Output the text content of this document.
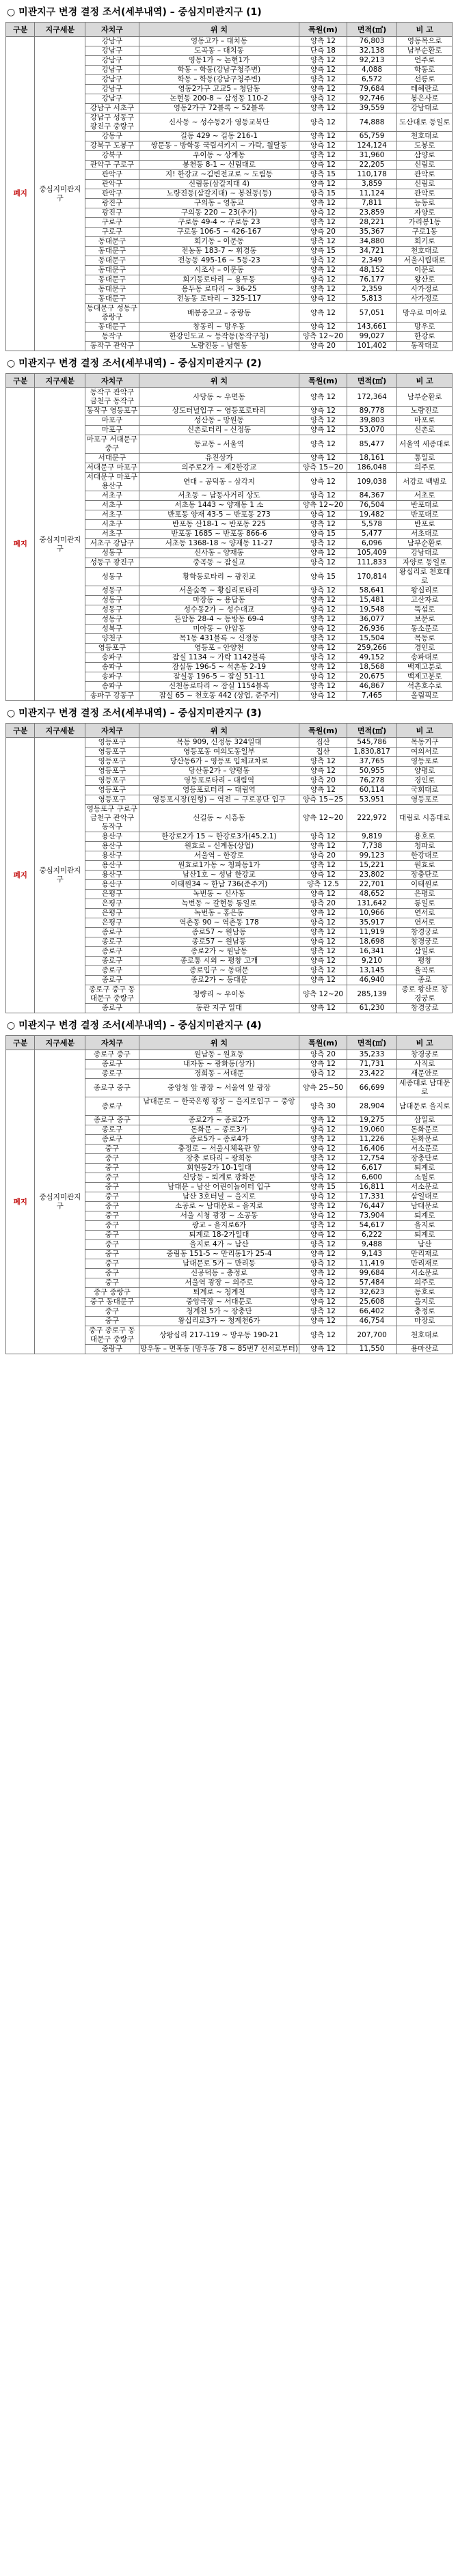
○ 미관지구 변경 결정 조서(세부내역) – 중심지미관지구 (1)
구분	지구세분	자치구	위 치	폭원(m)	면적(㎡)	비 고
폐지	중심지미관지구	강남구	영동고가 – 대치동	양측 12	76,803	영동목으로
		강남구	도곡동 – 대치동	단측 18	32,138	남부순환로
		강남구	영동1가 ~ 논현1가	양측 12	92,213	언주로
		강남구	학동 – 학동(강남구청주변)	양측 12	4,088	학동로
		강남구	학동 – 학동(강남구청주변)	양측 12	6,572	선릉로
		강남구	영동2가구 고교5 – 청담동	양측 12	79,684	테헤란로
		강남구	논현동 200-8 ~ 삼성동 110-2	양측 12	92,746	봉은사로
		강남구 서초구	영동2가구 72블록 ~ 52블록	양측 12	39,559	강남대로
		강남구 성동구 광진구 중랑구	신사동 ~ 성수동2가 영동교북단	양측 12	74,888	도산대로 동일로
		강동구	길동 429 ~ 길동 216-1	양측 12	65,759	천호대로
		강북구 도봉구	쌍문동 – 방학동 국립셔키지 ~ 가락, 월달동	양측 12	124,124	도봉로
		강북구	우이동 ~ 상계동	양측 12	31,960	삼양로
		관악구 구로구	봉천동 8-1 ~ 신림대로	양측 12	22,205	신림로
		관악구	지! 한강교 ~김변전교로 ~ 도림동	양측 15	110,178	관악로
		관악구	신림동(삼갈지대 4)	양측 12	3,859	신림로
		관악구	노량진동(삼갈지대) ~ 봉천동(등)	양측 15	11,124	관악로
		광진구	구의동 – 영동교	양측 12	7,811	능동로
		광진구	구의동 220 ~ 23(추가)	양측 12	23,859	자양로
		구로구	구로동 49-4 ~ 구로동 23	양측 12	28,221	가리봉1동
		구로구	구로동 106-5 ~ 426-167	양측 20	35,367	구로1동
		동대문구	회기동 – 이문동	양측 12	34,880	회기로
		동대문구	전농동 183-7 ~ 휘경동	양측 15	34,721	천호대로
		동대문구	전농동 495-16 ~ 5동-23	양측 12	2,349	서울시립대로
		동대문구	시조사 – 이문동	양측 12	48,152	이문로
		동대문구	회기동로타리 ~ 용두동	양측 12	76,177	왕산로
		동대문구	용두동 로타리 ~ 36-25	양측 12	2,359	사가정로
		동대문구	전농동 로타리 ~ 325-117	양측 12	5,813	사가정로
		동대문구 성동구 중랑구	배봉중고교 – 중랑동	양측 12	57,051	망우로 미아로
		동대문구	창동리 ~ 망우동	양측 12	143,661	망우로
		동작구	한강인도교 ~ 등작동(동작구청)	양측 12~20	99,027	한강로
		동작구 관악구	노량진동 – 남현동	양측 20	101,402	동작대로
○ 미관지구 변경 결정 조서(세부내역) – 중심지미관지구 (2)
구분	지구세분	자치구	위 치	폭원(m)	면적(㎡)	비 고
폐지	중심지미관지구	동작구 관악구 금천구 동작구	사당동 ~ 우면동	양측 12	172,364	남부순환로
		동작구 영등포구	상도터널입구 ~ 영등포로타리	양측 12	89,778	노량진로
		마포구	성산동 – 망원동	양측 12	39,803	마포로
		마포구	신촌로터리 – 신정동	양측 12	53,070	신촌로
		마포구 서대문구 중구	동교동 – 서울역	양측 12	85,477	서울역 세종대로
		서대문구	유진상가	양측 12	18,161	통일로
		서대문구 마포구	의주로2가 ~ 제2한강교	양측 15~20	186,048	의주로
		서대문구 마포구 용산구	연대 – 공덕동 – 삼각지	양측 12	109,038	서강로 백범로
		서초구	서초동 ~ 남동사거리 상도	양측 12	84,367	서초로
		서초구	서초동 1443 ~ 양재동 1 소	양측 12~20	76,504	반포대로
		서초구	반포동 양재 43-5 ~ 반포동 273	양측 12	19,482	반포대로
		서초구	반포동 산18-1 ~ 반포동 225	양측 12	5,578	반포로
		서초구	반포동 1685 ~ 반포동 866-6	양측 15	5,477	서초대로
		서초구 강남구	서초동 1368-18 ~ 양재동 11-27	양측 12	6,096	남부순환로
		성동구	신사동 – 양재동	양측 12	105,409	강남대로
		성동구 광진구	중곡동 ~ 잠실교	양측 12	111,833	자양로 동일로
		성동구	황학동로타리 ~ 광진교	양측 15	170,814	왕십리로 천호대로
		성동구	서울숲쪽 ~ 황십리로타리	양측 12	58,641	왕십리로
		성동구	마장동 ~ 용답동	양측 12	15,481	고산자로
		성동구	성수동2가 ~ 성수대교	양측 12	19,548	뚝섬로
		성동구	돈암동 28-4 ~ 동방동 69-4	양측 12	36,077	보문로
		성북구	미아동 ~ 안암동	양측 12	26,936	동소문로
		양천구	목1동 431블록 ~ 신정동	양측 12	15,504	목동로
		영등포구	영등포 – 안양천	양측 12	259,266	경인로
		송파구	잠실 1134 ~ 가락 1142블록	양측 12	49,152	송파대로
		송파구	잠실동 196-5 ~ 석촌동 2-19	양측 12	18,568	백제고분로
		송파구	잠실동 196-5 ~ 잠실 51-11	양측 12	20,675	백제고분로
		송파구	신천동로타리 ~ 잠실 1154블록	양측 12	46,867	석촌호수로
		송파구 강동구	잠실 65 ~ 천호동 442 (상업, 준주거)	양측 12	7,465	올림픽로
○ 미관지구 변경 결정 조서(세부내역) – 중심지미관지구 (3)
구분	지구세분	자치구	위 치	폭원(m)	면적(㎡)	비 고
폐지	중심지미관지구	영등포구	목동 909, 신정동 324일대	집산	545,786	목동거구
		영등포구	영등포동 여의도동일부	집산	1,830,817	여의서로
		영등포구	당산동6가 – 영등포 입체교차로	양측 12	37,765	영등포로
		영등포구	당산동2가 – 양평동	양측 12	50,955	양평로
		영등포구	영등포로타리 – 대림역	양측 20	76,278	경인로
		영등포구	영등포로터리 ~ 대림역	양측 12	60,114	국회대로
		영등포구	영등포시장(원형) ~ 역전 ~ 구로공단 입구	양측 15~25	53,951	영등포로
		영등포구 구로구 금천구 관악구 동작구	신길동 ~ 시흥동	양측 12~20	222,972	대림로 시흥대로
		용산구	한강로2가 15 ~ 한강로3가(45.2.1)	양측 12	9,819	용호로
		용산구	원효로 – 신계동(상업)	양측 12	7,738	청파로
		용산구	서울역 – 한강로	양측 20	99,123	한강대로
		용산구	원효로1가동 ~ 청파동1가	양측 12	15,221	원효로
		용산구	남산1호 ~ 성남 한강교	양측 12	23,802	장충단로
		용산구	이태원34 ~ 한남 736(준주거)	양측 12.5	22,701	이태원로
		은평구	녹번동 ~ 신사동	양측 12	48,652	은평로
		은평구	녹번동 ~ 갈현동 통일로	양측 20	131,642	통일로
		은평구	녹번동 – 홍은동	양측 12	10,966	연서로
		은평구	역촌동 90 ~ 역촌동 178	양측 12	35,917	연서로
		종로구	종로57 ~ 원남동	양측 12	11,919	창경궁로
		종로구	종로57 ~ 원남동	양측 12	18,698	창경궁로
		종로구	종로2가 ~ 원남동	양측 12	16,341	삼일로
		종로구	종로통 시외 ~ 평창 고개	양측 12	9,210	평창
		종로구	종로입구 ~ 동대문	양측 12	13,145	율곡로
		종로구	종로2가 ~ 동대문	양측 12	46,940	종로
		종로구 중구 동대문구 중랑구	청량리 ~ 우이동	양측 12~20	285,139	종로 왕산로 창경궁로
		종로구	동관 지구 일대	양측 12	61,230	창경궁로
○ 미관지구 변경 결정 조서(세부내역) – 중심지미관지구 (4)
구분	지구세분	자치구	위 치	폭원(m)	면적(㎡)	비 고
폐지	중심지미관지구	종로구 중구	원남동 – 원효동	양측 20	35,233	창경궁로
		종로구	내자동 ~ 광화동(상가)	양측 12	71,731	사직로
		종로구	경희동 – 서대문	양측 12	23,422	새문안로
		종로구 중구	중앙청 앞 광장 ~ 서울역 앞 광장	양측 25~50	66,699	세종대로 남대문로
		종로구	남대문로 ~ 한국은행 광장 ~ 을지로입구 ~ 중앙로	양측 30	28,904	남대문로 을지로
		종로구 중구	종로2가 ~ 종로2가	양측 12	19,275	삼일로
		종로구	돈화문 ~ 종로3가	양측 12	19,060	돈화문로
		종로구	종로5가 – 종로4가	양측 12	11,226	돈화문로
		중구	충정로 ~ 서울시체육관 앞	양측 12	16,406	서소문로
		중구	장충 로타리 – 광희동	양측 12	12,754	장충단로
		중구	회현동2가 10-1일대	양측 12	6,617	퇴계로
		중구	신당동 – 퇴계로 광화문	양측 12	6,600	소월로
		중구	남대문 – 남산 어린이놀이터 입구	양측 15	16,811	서소문로
		중구	남산 3호터널 ~ 을지로	양측 12	17,331	삼일대로
		중구	소공로 ~ 남대문로 – 을지로	양측 12	76,447	남대문로
		중구	서울 시청 광장 ~ 소공동	양측 12	73,904	퇴계로
		중구	광교 – 을지로6가	양측 12	54,617	을지로
		중구	퇴계로 18-2가일대	양측 12	6,222	퇴계로
		중구	을지로 4가 ~ 남산	양측 12	9,488	남산
		중구	중림동 151-5 ~ 만리동1가 25-4	양측 12	9,143	만리재로
		중구	남대문로 5가 ~ 만리동	양측 12	11,419	만리재로
		중구	신공덕동 – 충정로	양측 12	99,684	서소문로
		중구	서울역 광장 ~ 의주로	양측 12	57,484	의주로
		중구 중랑구	퇴계로 ~ 청계천	양측 12	32,623	동호로
		중구 동대문구	중앙극장 ~ 서대문로	양측 12	25,608	을지로
		중구	청계천 5가 ~ 장충단	양측 12	66,402	충정로
		중구	왕십리로3가 ~ 청계천6가	양측 12	46,754	마장로
		중구 종로구 동대문구 중랑구	상왕십리 217-119 ~ 망우동 190-21	양측 12	207,700	천호대로
		중랑구	망우동 – 면목동 (망우동 78 ~ 85번7 선서로부터)	양측 12	11,550	용마산로
